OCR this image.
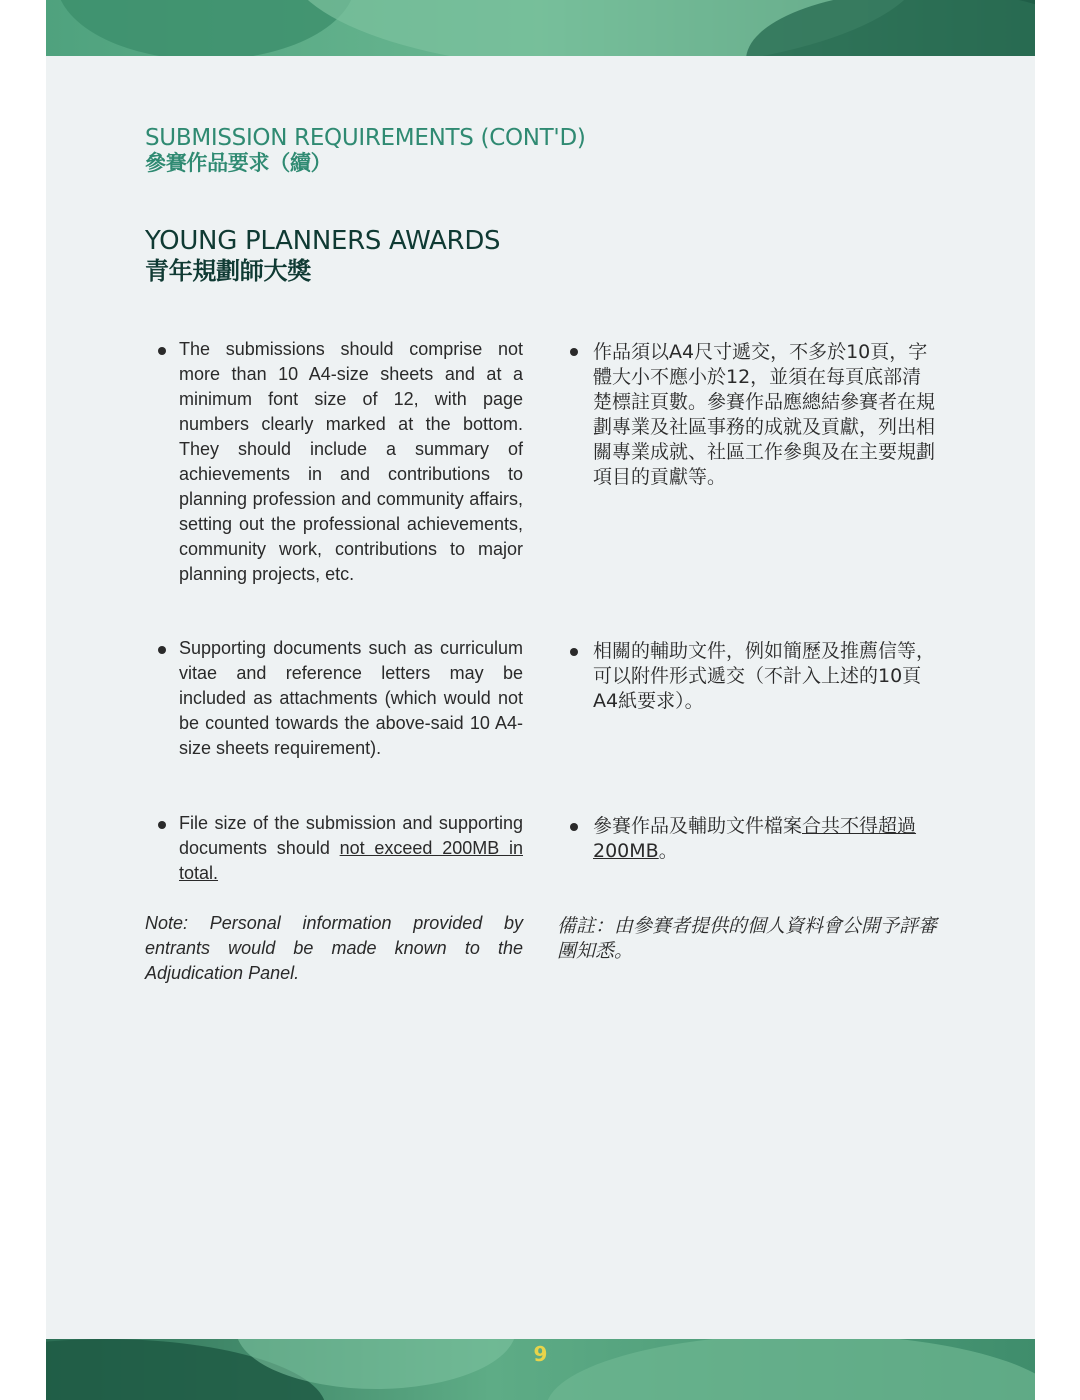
SUBMISSION REQUIREMENTS (CONT'D)
參賽作品要求（續）
YOUNG PLANNERS AWARDS
青年規劃師大獎
The submissions should comprise not more than 10 A4-size sheets and at a minimum font size of 12, with page numbers clearly marked at the bottom. They should include a summary of achievements in and contributions to planning profession and community affairs, setting out the professional achievements, community work, contributions to major planning projects, etc.
作品須以A4尺寸遞交，不多於10頁，字體大小不應小於12，並須在每頁底部清楚標註頁數。參賽作品應總結參賽者在規劃專業及社區事務的成就及貢獻，列出相關專業成就、社區工作參與及在主要規劃項目的貢獻等。
Supporting documents such as curriculum vitae and reference letters may be included as attachments (which would not be counted towards the above-said 10 A4-size sheets requirement).
相關的輔助文件，例如簡歷及推薦信等，可以附件形式遞交（不計入上述的10頁A4紙要求）。
File size of the submission and supporting documents should not exceed 200MB in total.
參賽作品及輔助文件檔案合共不得超過200MB。
Note: Personal information provided by entrants would be made known to the Adjudication Panel.
備註：由參賽者提供的個人資料會公開予評審團知悉。
9
